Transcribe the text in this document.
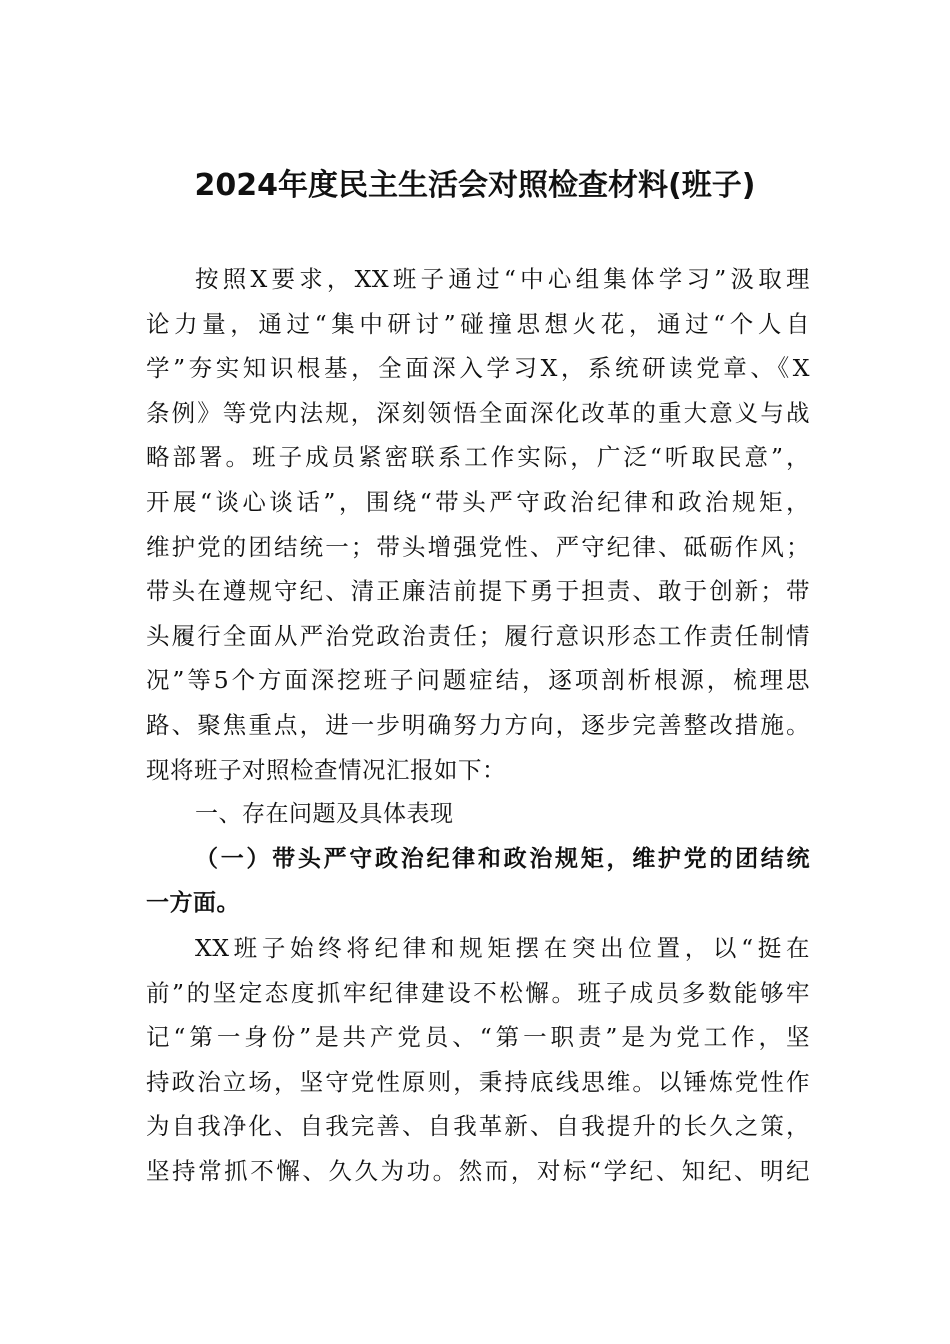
2024年度民主生活会对照检查材料(班子)
按照X要求，XX班子通过“中心组集体学习”汲取理
论力量，通过“集中研讨”碰撞思想火花，通过“个人自
学”夯实知识根基，全面深入学习X，系统研读党章、《X
条例》等党内法规，深刻领悟全面深化改革的重大意义与战
略部署。班子成员紧密联系工作实际，广泛“听取民意”，
开展“谈心谈话”，围绕“带头严守政治纪律和政治规矩，
维护党的团结统一；带头增强党性、严守纪律、砥砺作风；
带头在遵规守纪、清正廉洁前提下勇于担责、敢于创新；带
头履行全面从严治党政治责任；履行意识形态工作责任制情
况”等5个方面深挖班子问题症结，逐项剖析根源，梳理思
路、聚焦重点，进一步明确努力方向，逐步完善整改措施。
现将班子对照检查情况汇报如下：
一、存在问题及具体表现
（一）带头严守政治纪律和政治规矩，维护党的团结统
一方面。
XX班子始终将纪律和规矩摆在突出位置，以“挺在
前”的坚定态度抓牢纪律建设不松懈。班子成员多数能够牢
记“第一身份”是共产党员、“第一职责”是为党工作，坚
持政治立场，坚守党性原则，秉持底线思维。以锤炼党性作
为自我净化、自我完善、自我革新、自我提升的长久之策，
坚持常抓不懈、久久为功。然而，对标“学纪、知纪、明纪
